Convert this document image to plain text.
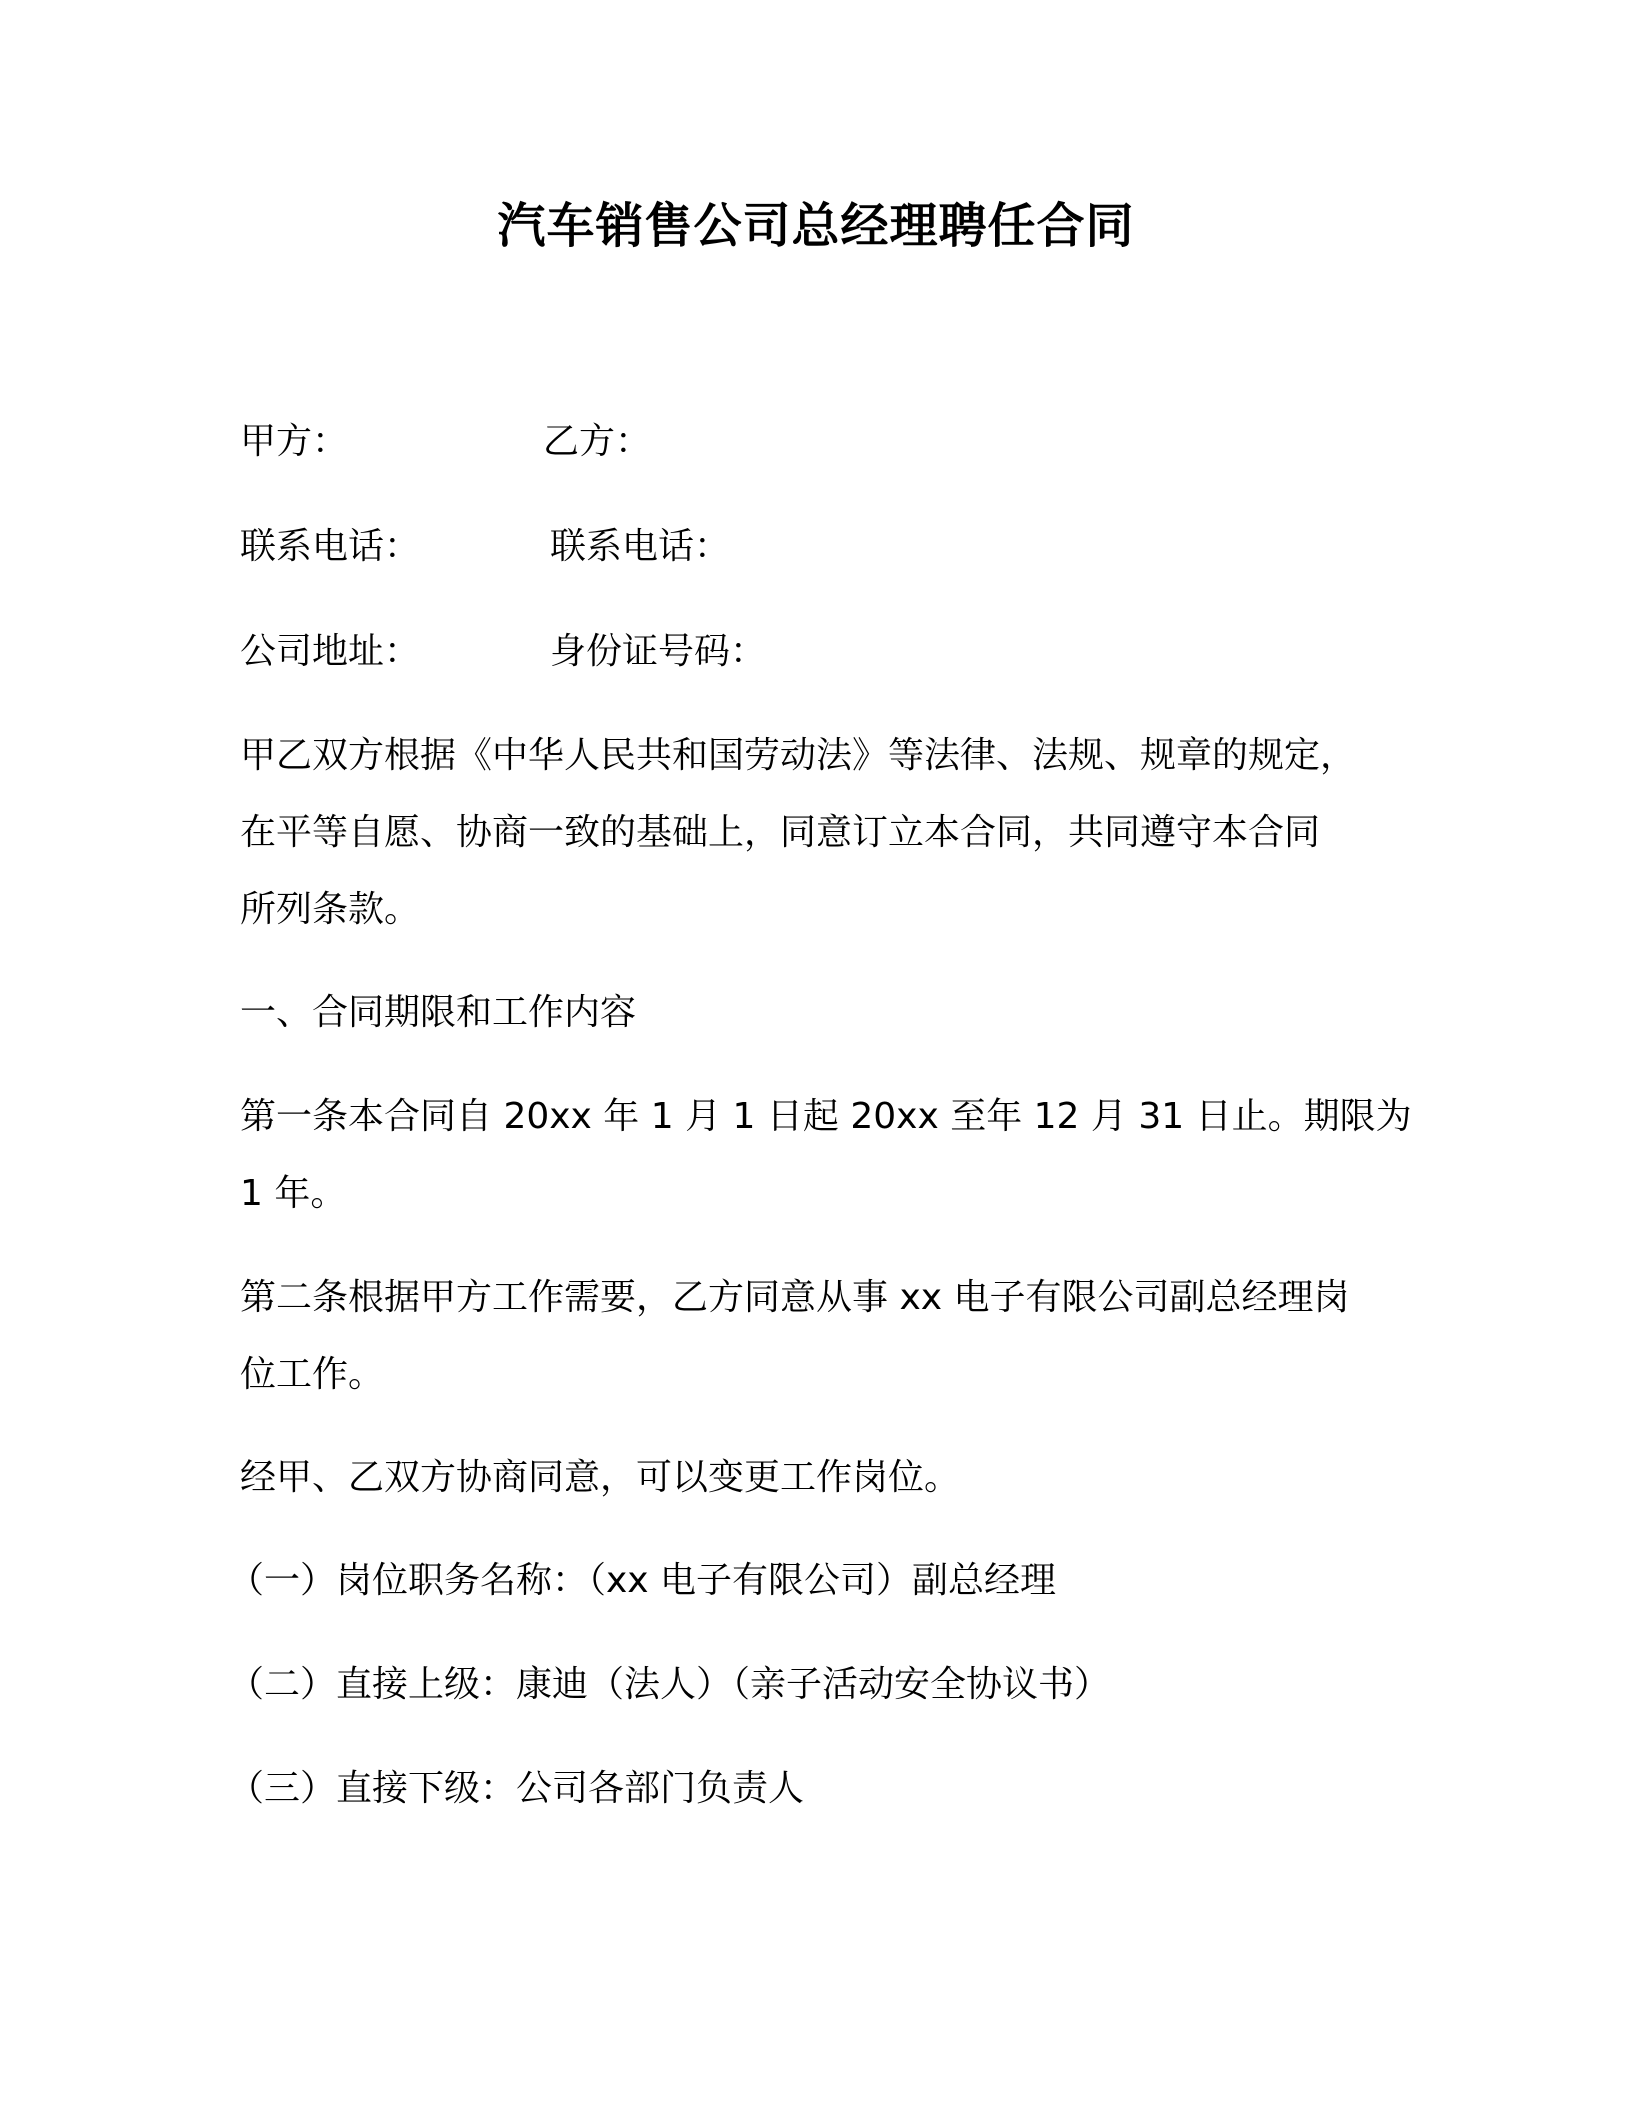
汽车销售公司总经理聘任合同
甲方：	乙方：
联系电话：	联系电话：
公司地址：	身份证号码：
甲乙双方根据《中华人民共和国劳动法》等法律、法规、规章的规定，
在平等自愿、协商一致的基础上，同意订立本合同，共同遵守本合同
所列条款。
一、合同期限和工作内容
第一条本合同自 20xx 年 1 月 1 日起 20xx 至年 12 月 31 日止。期限为
1 年。
第二条根据甲方工作需要，乙方同意从事 xx 电子有限公司副总经理岗
位工作。
经甲、乙双方协商同意，可以变更工作岗位。
（一）岗位职务名称：（xx 电子有限公司）副总经理
（二）直接上级：康迪（法人）（亲子活动安全协议书）
（三）直接下级：公司各部门负责人
